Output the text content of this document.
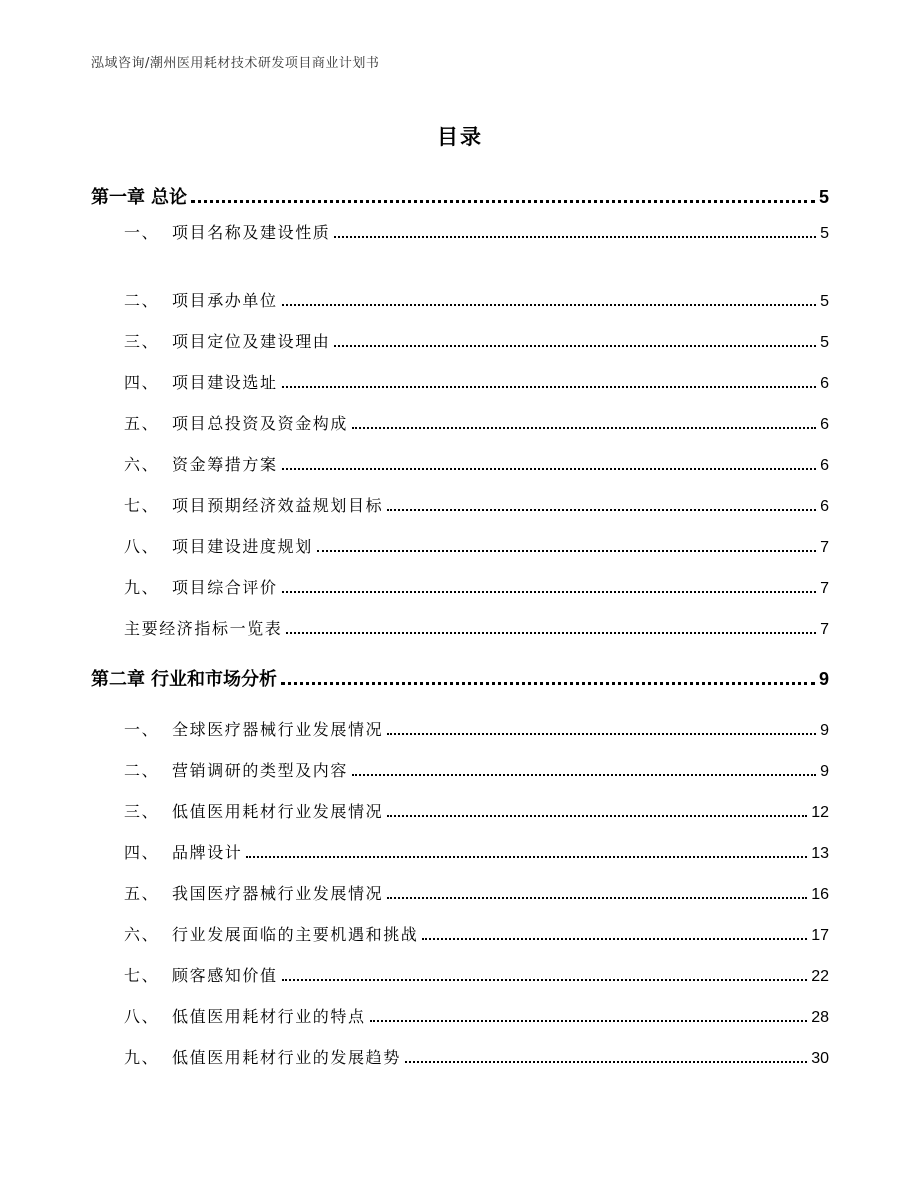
泓域咨询/潮州医用耗材技术研发项目商业计划书
目录
第一章 总论	5
一、 项目名称及建设性质	5
二、 项目承办单位	5
三、 项目定位及建设理由	5
四、 项目建设选址	6
五、 项目总投资及资金构成	6
六、 资金筹措方案	6
七、 项目预期经济效益规划目标	6
八、 项目建设进度规划	7
九、 项目综合评价	7
主要经济指标一览表	7
第二章 行业和市场分析	9
一、 全球医疗器械行业发展情况	9
二、 营销调研的类型及内容	9
三、 低值医用耗材行业发展情况	12
四、 品牌设计	13
五、 我国医疗器械行业发展情况	16
六、 行业发展面临的主要机遇和挑战	17
七、 顾客感知价值	22
八、 低值医用耗材行业的特点	28
九、 低值医用耗材行业的发展趋势	30
